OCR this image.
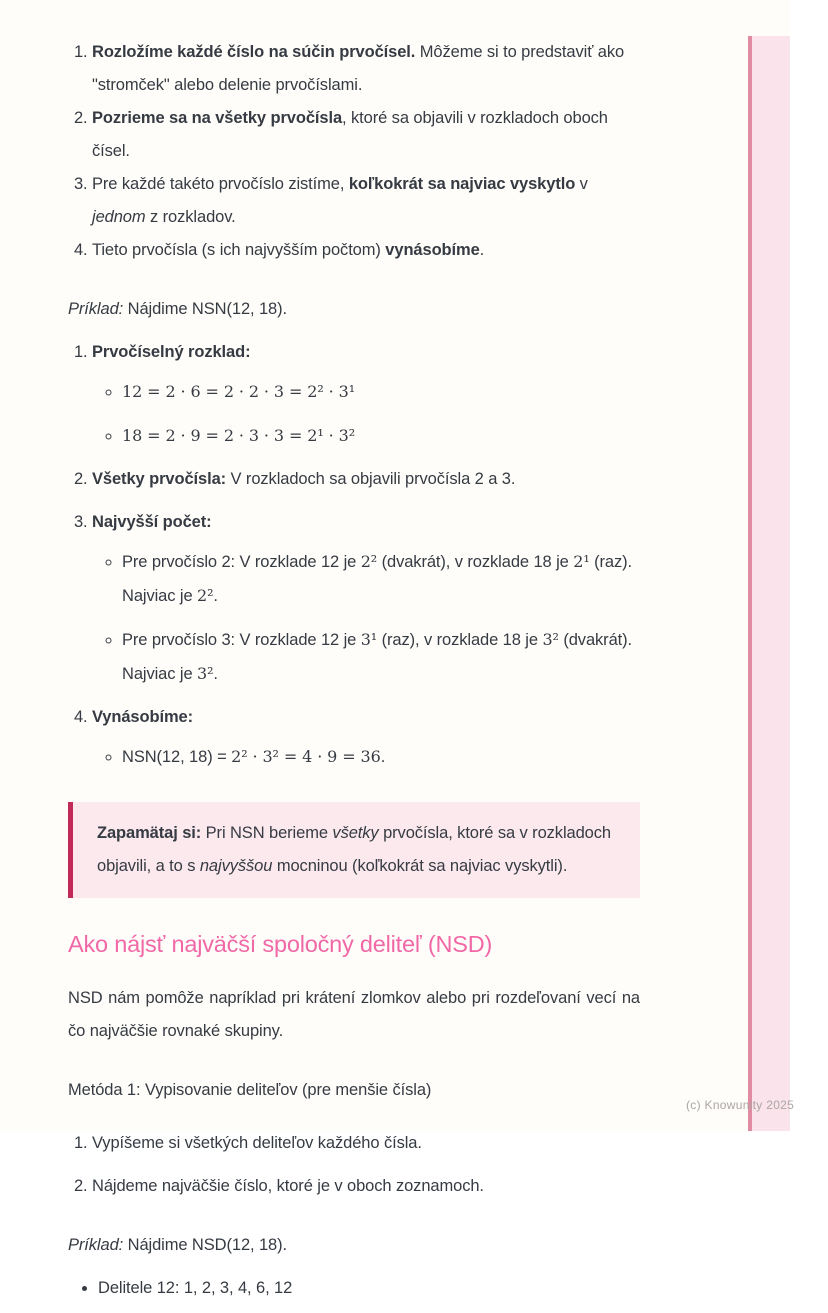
1. Rozložíme každé číslo na súčin prvočísel. Môžeme si to predstaviť ako "stromček" alebo delenie prvočíslami.
2. Pozrieme sa na všetky prvočísla, ktoré sa objavili v rozkladoch oboch čísel.
3. Pre každé takéto prvočíslo zistíme, koľkokrát sa najviac vyskytlo v jednom z rozkladov.
4. Tieto prvočísla (s ich najvyšším počtom) vynásobíme.

Príklad: Nájdime NSN(12, 18).

1. Prvočíselný rozklad:
◦ 12 = 2 · 6 = 2 · 2 · 3 = 2² · 3¹
◦ 18 = 2 · 9 = 2 · 3 · 3 = 2¹ · 3²
2. Všetky prvočísla: V rozkladoch sa objavili prvočísla 2 a 3.
3. Najvyšší počet:
◦ Pre prvočíslo 2: V rozklade 12 je 2² (dvakrát), v rozklade 18 je 2¹ (raz). Najviac je 2².
◦ Pre prvočíslo 3: V rozklade 12 je 3¹ (raz), v rozklade 18 je 3² (dvakrát). Najviac je 3².
4. Vynásobíme:
◦ NSN(12, 18) = 2² · 3² = 4 · 9 = 36.
Zapamätaj si: Pri NSN berieme všetky prvočísla, ktoré sa v rozkladoch objavili, a to s najvyššou mocninou (koľkokrát sa najviac vyskytli).
Ako nájsť najväčší spoločný deliteľ (NSD)

NSD nám pomôže napríklad pri krátení zlomkov alebo pri rozdeľovaní vecí na čo najväčšie rovnaké skupiny.

Metóda 1: Vypisovanie deliteľov (pre menšie čísla)
1. Vypíšeme si všetkých deliteľov každého čísla.
2. Nájdeme najväčšie číslo, ktoré je v oboch zoznamoch.

Príklad: Nájdime NSD(12, 18).

• Delitele 12: 1, 2, 3, 4, 6, 12
(c) Knowunity 2025
